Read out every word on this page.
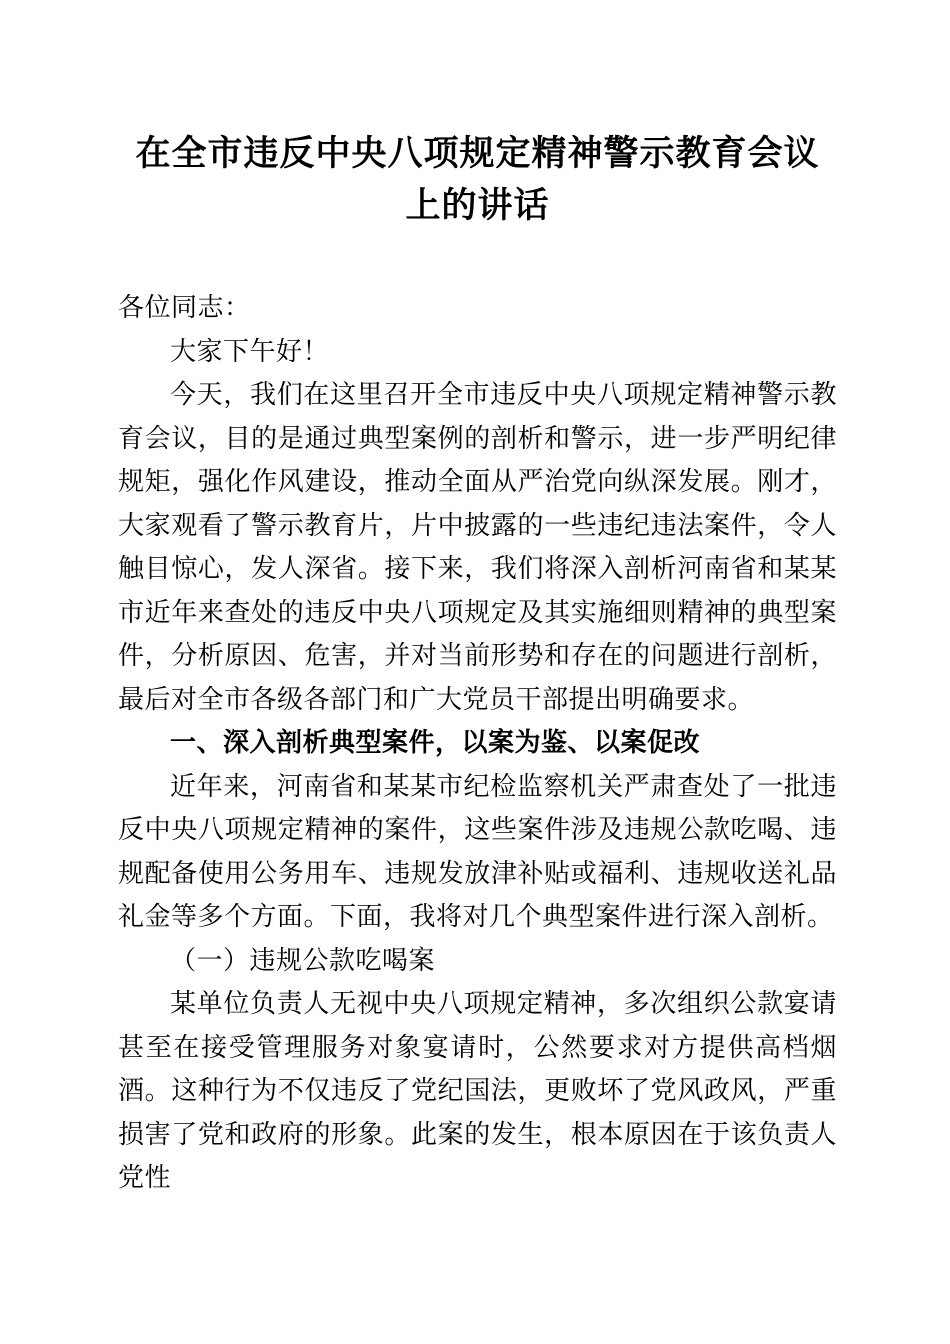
在全市违反中央八项规定精神警示教育会议上的讲话

各位同志：

大家下午好！

今天，我们在这里召开全市违反中央八项规定精神警示教育会议，目的是通过典型案例的剖析和警示，进一步严明纪律规矩，强化作风建设，推动全面从严治党向纵深发展。刚才，大家观看了警示教育片，片中披露的一些违纪违法案件，令人触目惊心，发人深省。接下来，我们将深入剖析河南省和某某市近年来查处的违反中央八项规定及其实施细则精神的典型案件，分析原因、危害，并对当前形势和存在的问题进行剖析，最后对全市各级各部门和广大党员干部提出明确要求。

一、深入剖析典型案件，以案为鉴、以案促改

近年来，河南省和某某市纪检监察机关严肃查处了一批违反中央八项规定精神的案件，这些案件涉及违规公款吃喝、违规配备使用公务用车、违规发放津补贴或福利、违规收送礼品礼金等多个方面。下面，我将对几个典型案件进行深入剖析。

（一）违规公款吃喝案

某单位负责人无视中央八项规定精神，多次组织公款宴请甚至在接受管理服务对象宴请时，公然要求对方提供高档烟酒。这种行为不仅违反了党纪国法，更败坏了党风政风，严重损害了党和政府的形象。此案的发生，根本原因在于该负责人党性
